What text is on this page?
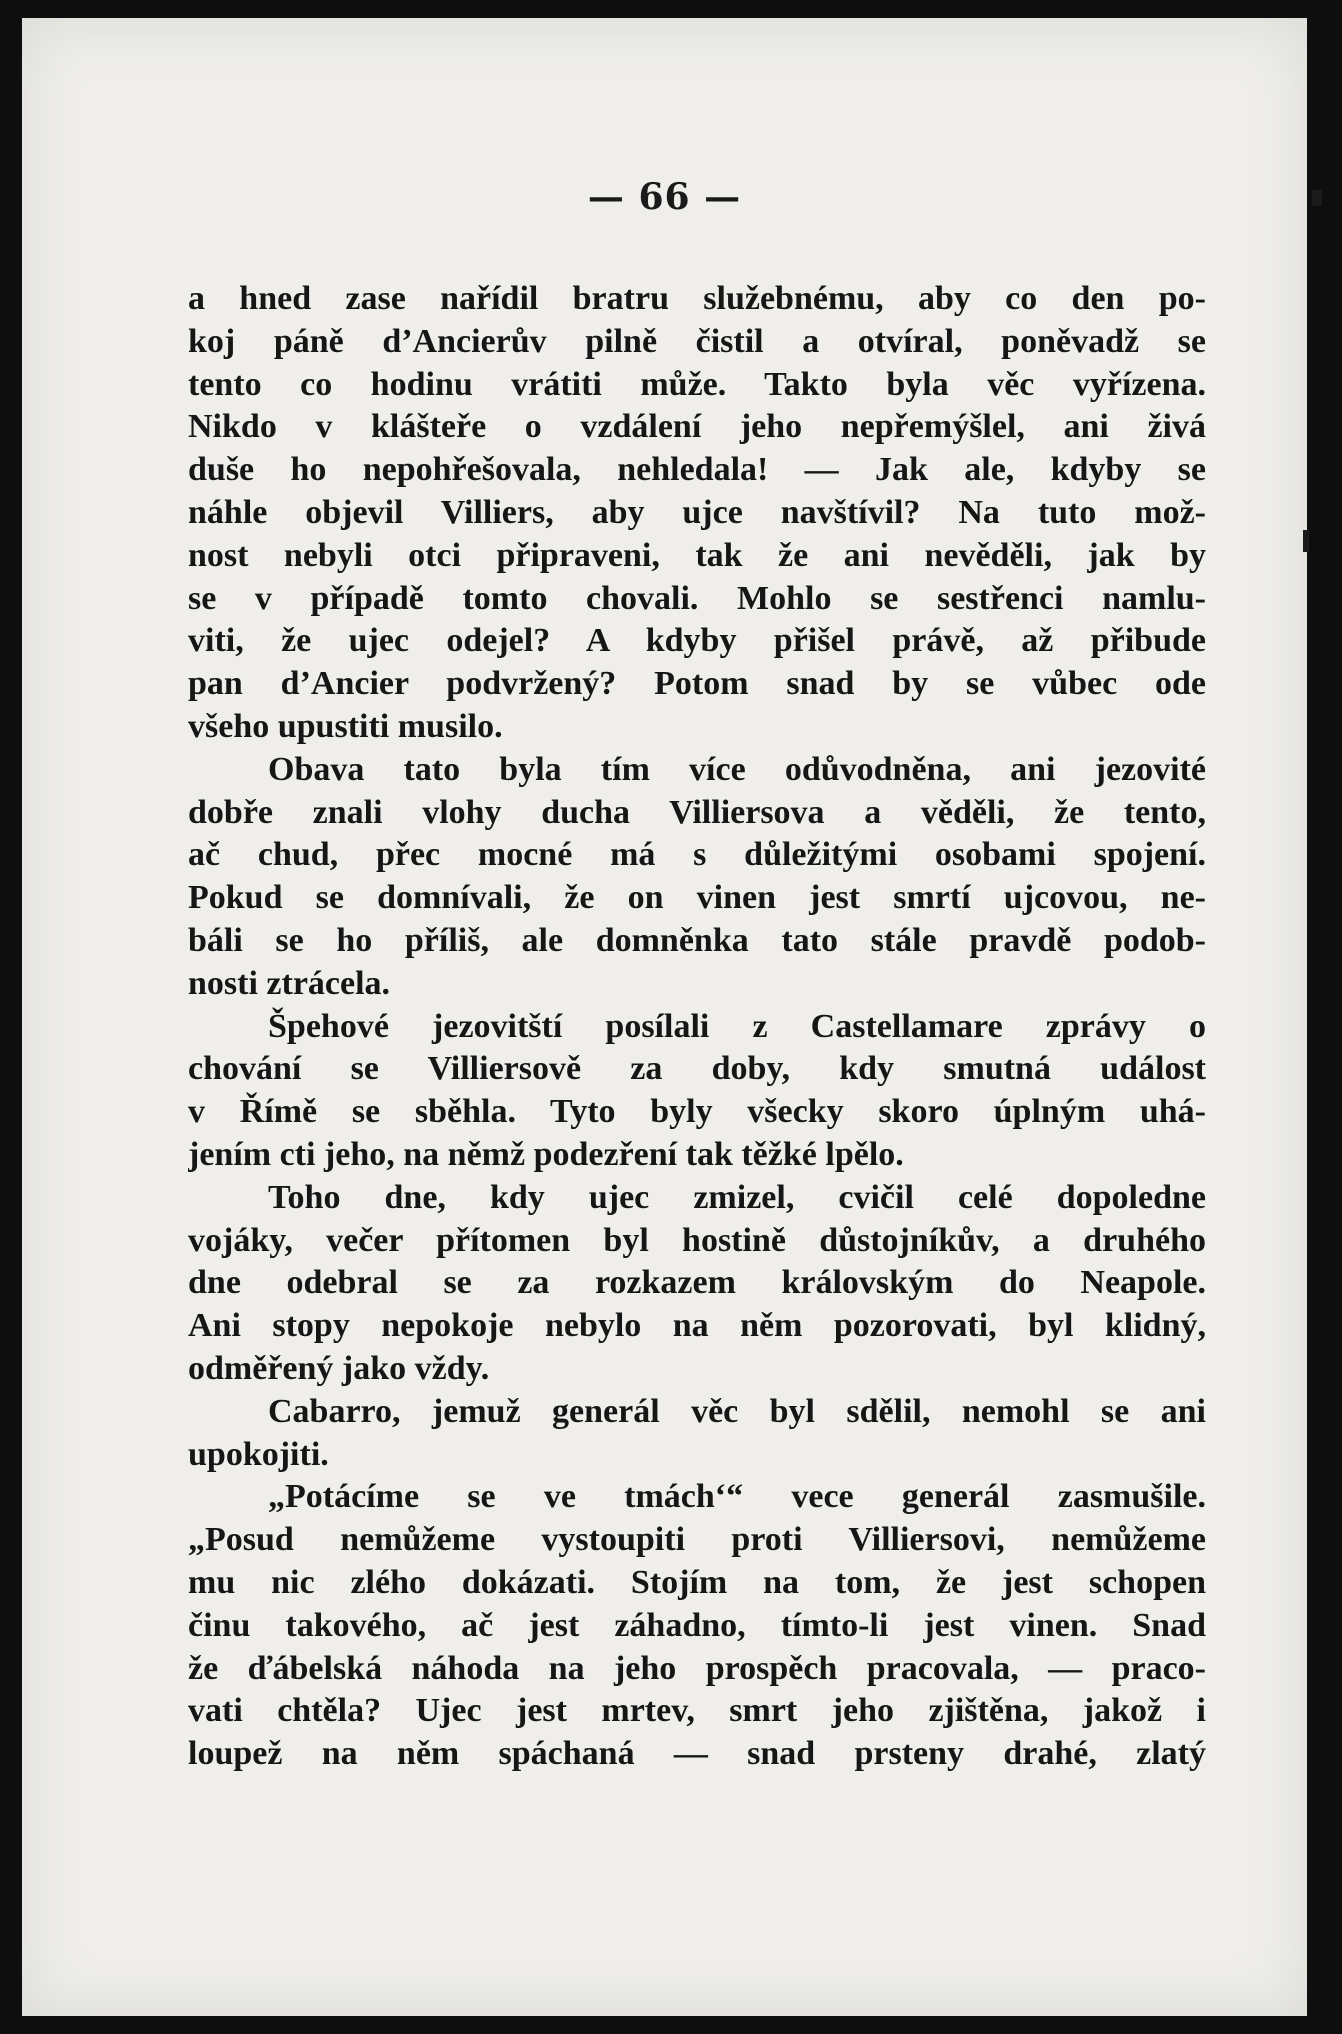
— 66 —
a hned zase nařídil bratru služebnému, aby co den po-
koj páně d’Ancierův pilně čistil a otvíral, poněvadž se
tento co hodinu vrátiti může. Takto byla věc vyřízena.
Nikdo v klášteře o vzdálení jeho nepřemýšlel, ani živá
duše ho nepohřešovala, nehledala! — Jak ale, kdyby se
náhle objevil Villiers, aby ujce navštívil? Na tuto mož-
nost nebyli otci připraveni, tak že ani nevěděli, jak by
se v případě tomto chovali. Mohlo se sestřenci namlu-
viti, že ujec odejel? A kdyby přišel právě, až přibude
pan d’Ancier podvržený? Potom snad by se vůbec ode
všeho upustiti musilo.
Obava tato byla tím více odůvodněna, ani jezovité
dobře znali vlohy ducha Villiersova a věděli, že tento,
ač chud, přec mocné má s důležitými osobami spojení.
Pokud se domnívali, že on vinen jest smrtí ujcovou, ne-
báli se ho příliš, ale domněnka tato stále pravdě podob-
nosti ztrácela.
Špehové jezovitští posílali z Castellamare zprávy o
chování se Villiersově za doby, kdy smutná událost
v Římě se sběhla. Tyto byly všecky skoro úplným uhá-
jením cti jeho, na němž podezření tak těžké lpělo.
Toho dne, kdy ujec zmizel, cvičil celé dopoledne
vojáky, večer přítomen byl hostině důstojníkův, a druhého
dne odebral se za rozkazem královským do Neapole.
Ani stopy nepokoje nebylo na něm pozorovati, byl klidný,
odměřený jako vždy.
Cabarro, jemuž generál věc byl sdělil, nemohl se ani
upokojiti.
„Potácíme se ve tmách‘“ vece generál zasmušile.
„Posud nemůžeme vystoupiti proti Villiersovi, nemůžeme
mu nic zlého dokázati. Stojím na tom, že jest schopen
činu takového, ač jest záhadno, tímto-li jest vinen. Snad
že ďábelská náhoda na jeho prospěch pracovala, — praco-
vati chtěla? Ujec jest mrtev, smrt jeho zjištěna, jakož i
loupež na něm spáchaná — snad prsteny drahé, zlatý
